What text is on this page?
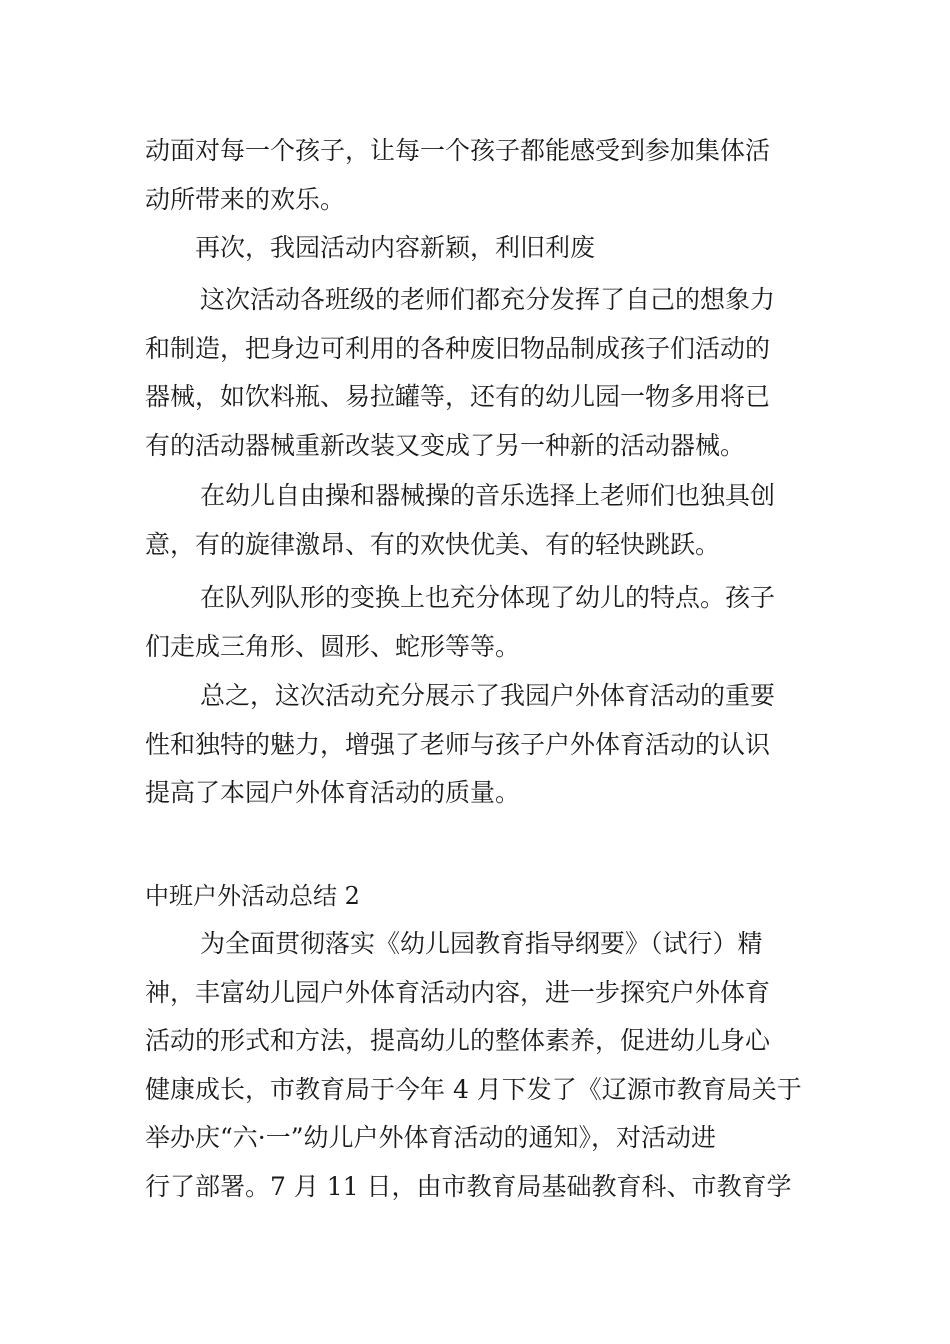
动面对每一个孩子，让每一个孩子都能感受到参加集体活
动所带来的欢乐。
再次，我园活动内容新颖，利旧利废
这次活动各班级的老师们都充分发挥了自己的想象力
和制造，把身边可利用的各种废旧物品制成孩子们活动的
器械，如饮料瓶、易拉罐等，还有的幼儿园一物多用将已
有的活动器械重新改装又变成了另一种新的活动器械。
在幼儿自由操和器械操的音乐选择上老师们也独具创
意，有的旋律激昂、有的欢快优美、有的轻快跳跃。
在队列队形的变换上也充分体现了幼儿的特点。孩子
们走成三角形、圆形、蛇形等等。
总之，这次活动充分展示了我园户外体育活动的重要
性和独特的魅力，增强了老师与孩子户外体育活动的认识
提高了本园户外体育活动的质量。
中班户外活动总结 2
为全面贯彻落实《幼儿园教育指导纲要》（试行）精
神，丰富幼儿园户外体育活动内容，进一步探究户外体育
活动的形式和方法，提高幼儿的整体素养，促进幼儿身心
健康成长，市教育局于今年 4 月下发了《辽源市教育局关于
举办庆“六·一”幼儿户外体育活动的通知》，对活动进
行了部署。7 月 11 日，由市教育局基础教育科、市教育学
